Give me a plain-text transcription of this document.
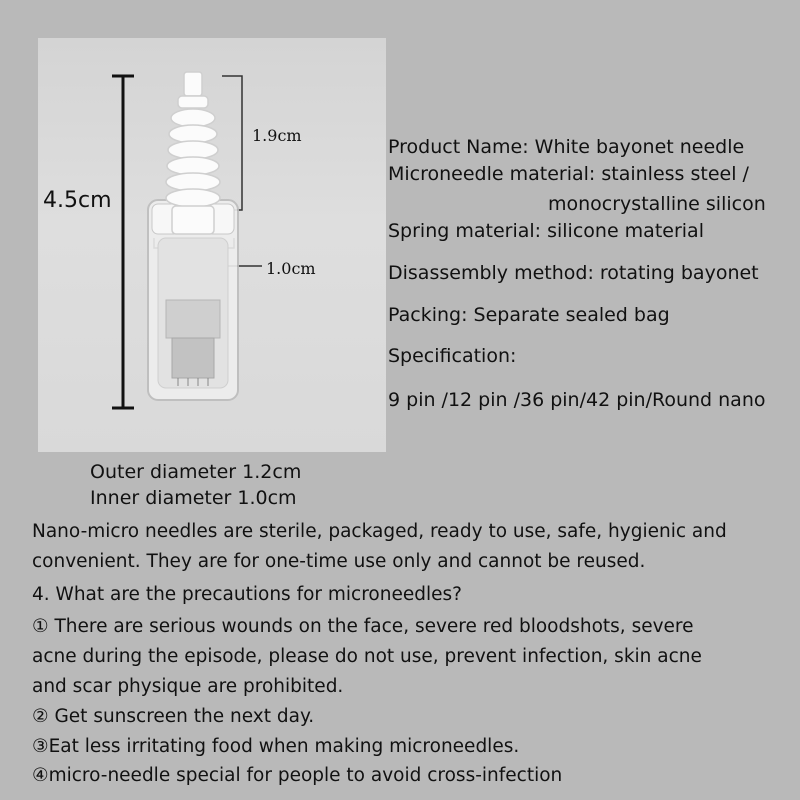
4.5cm
1.9cm
1.0cm
Outer diameter 1.2cm
Inner diameter 1.0cm
Product Name: White bayonet needle
Microneedle material: stainless steel /
monocrystalline silicon
Spring material: silicone material
Disassembly method: rotating bayonet
Packing: Separate sealed bag
Specification:
9 pin /12 pin /36 pin/42 pin/Round nano
Nano-micro needles are sterile, packaged, ready to use, safe, hygienic and
convenient. They are for one-time use only and cannot be reused.
4. What are the precautions for microneedles?
① There are serious wounds on the face, severe red bloodshots, severe
acne during the episode, please do not use, prevent infection, skin acne
and scar physique are prohibited.
② Get sunscreen the next day.
③Eat less irritating food when making microneedles.
④micro-needle special for people to avoid cross-infection
